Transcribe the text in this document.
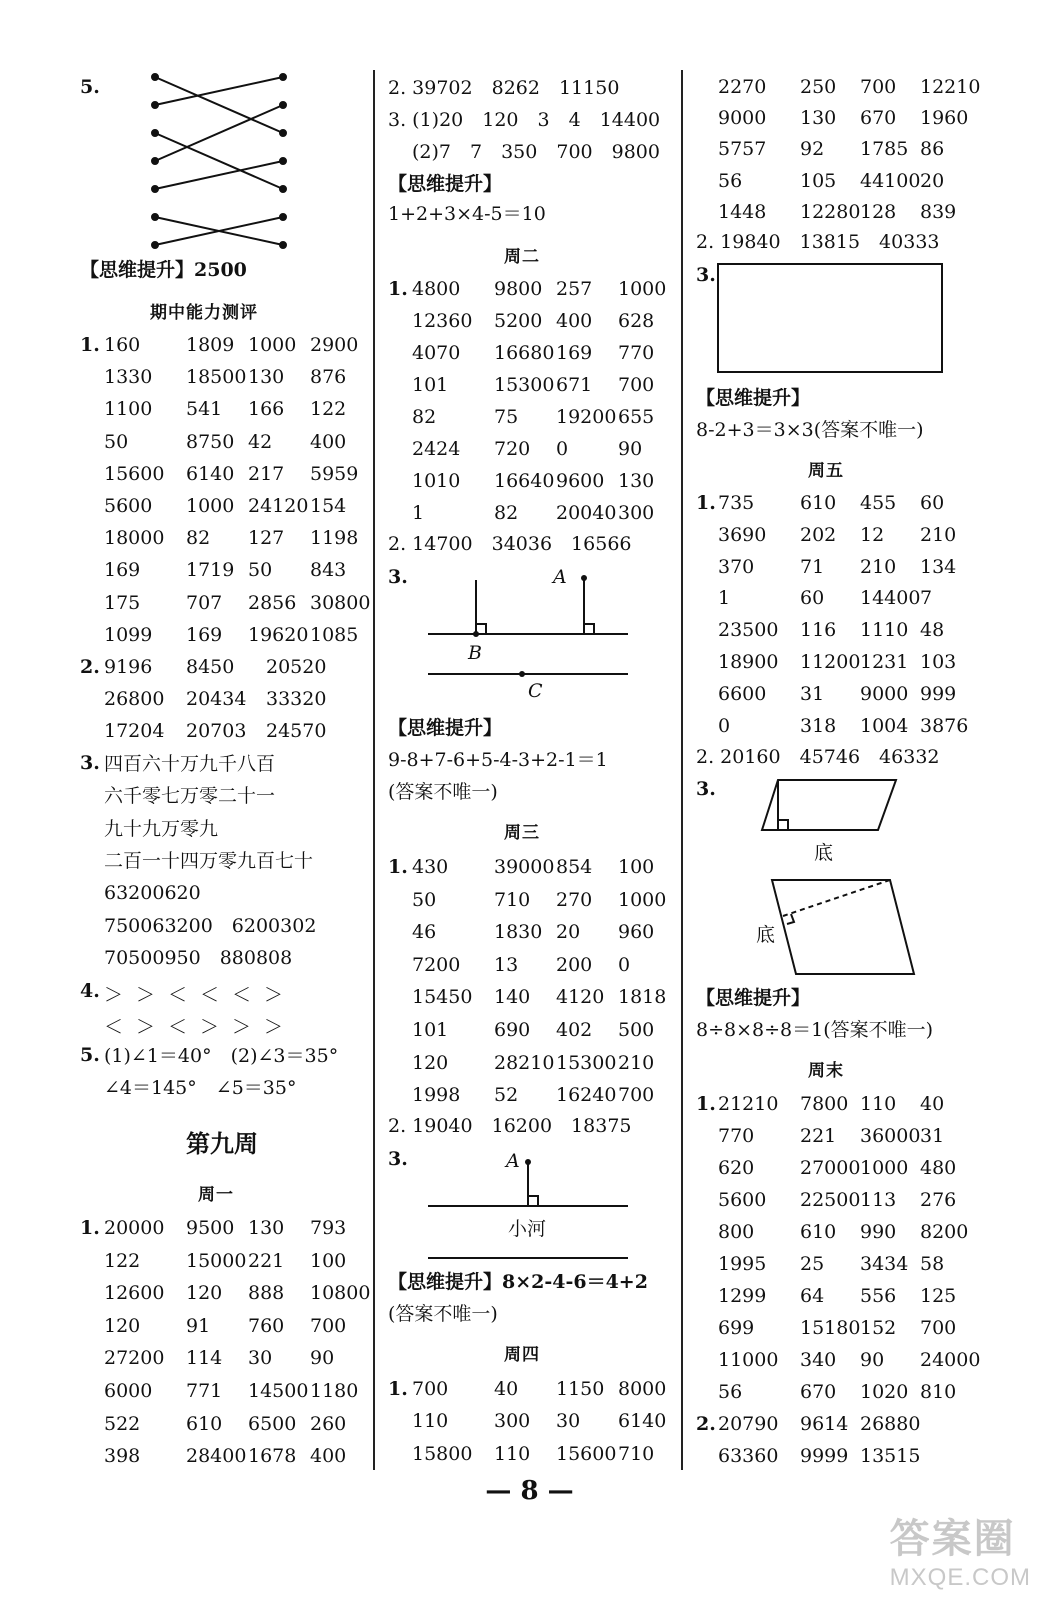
5.
【思维提升】2500
期中能力测评
1. 160 1809 1000 2900
1330 18500 130 876
1100 541 166 122
50	8750 42 400
15600 6140 217 5959
5600 1000 24120 154
18000 82 127 1198
169 1719 50 843
175 707 2856 30800
1099 169 19620 1085
2. 9196 8450 20520
26800 20434 33320
17204 20703 24570
3. 四百六十万九千八百
六千零七万零二十一
九十九万零九
二百一十四万零九百七十
63200620
750063200　6200302
70500950　880808
4. ＞ ＞ ＜ ＜ ＜ ＞
＜ ＞ ＜ ＞ ＞ ＞
5. (1)∠1＝40°　(2)∠3＝35°
∠4＝145°　∠5＝35°
第九周
周一
1. 20000 9500 130 793
122 15000 221 100
12600 120 888 10800
120 91 760 700
27200 114 30 90
6000 771 14500 1180
522 610 6500 260
398 28400 1678 400
2. 39702　8262　11150
3. (1)20　120　3　4　14400
(2)7　7　350　700　9800
【思维提升】
1+2+3×4-5＝10
周二
1. 4800 9800 257 1000
12360 5200 400 628
4070 16680 169 770
101 15300 671 700
82	75 19200 655
2424 720 0	90
1010 16640 9600 130
1	82 20040 300
2. 14700　34036　16566
3.	A
B
C
【思维提升】
9-8+7-6+5-4-3+2-1＝1
(答案不唯一)
周三
1. 430 39000 854 100
50	710 270 1000
46	1830 20 960
7200 13 200 0
15450 140 4120 1818
101 690 402 500
120 28210 15300 210
1998 52 16240 700
2. 19040　16200　18375
3.	A
小河
【思维提升】8×2-4-6＝4+2
(答案不唯一)
周四
1. 700 40 1150 8000
110 300 30 6140
15800 110 15600 710
2270 250 700 12210
9000 130 670 1960
5757 92 1785 86
56	105 44100 20
1448 12280 128 839
2. 19840　13815　40333
3.
【思维提升】
8-2+3＝3×3(答案不唯一)
周五
1. 735 610 455 60
3690 202 12 210
370 71 210 134
1	60 14400 7
23500 116 1110 48
18900 11200 1231 103
6600 31 9000 999
0	318 1004 3876
2. 20160　45746　46332
3.
底
底
【思维提升】
8÷8×8÷8＝1(答案不唯一)
周末
1. 21210 7800 110 40
770 221 36000 31
620 27000 1000 480
5600 22500 113 276
800 610 990 8200
1995 25 3434 58
1299 64 556 125
699 15180 152 700
11000 340 90 24000
56	670 1020 810
2. 20790 9614 26880
63360 9999 13515
— 8 —
答案圈
MXQE.COM
